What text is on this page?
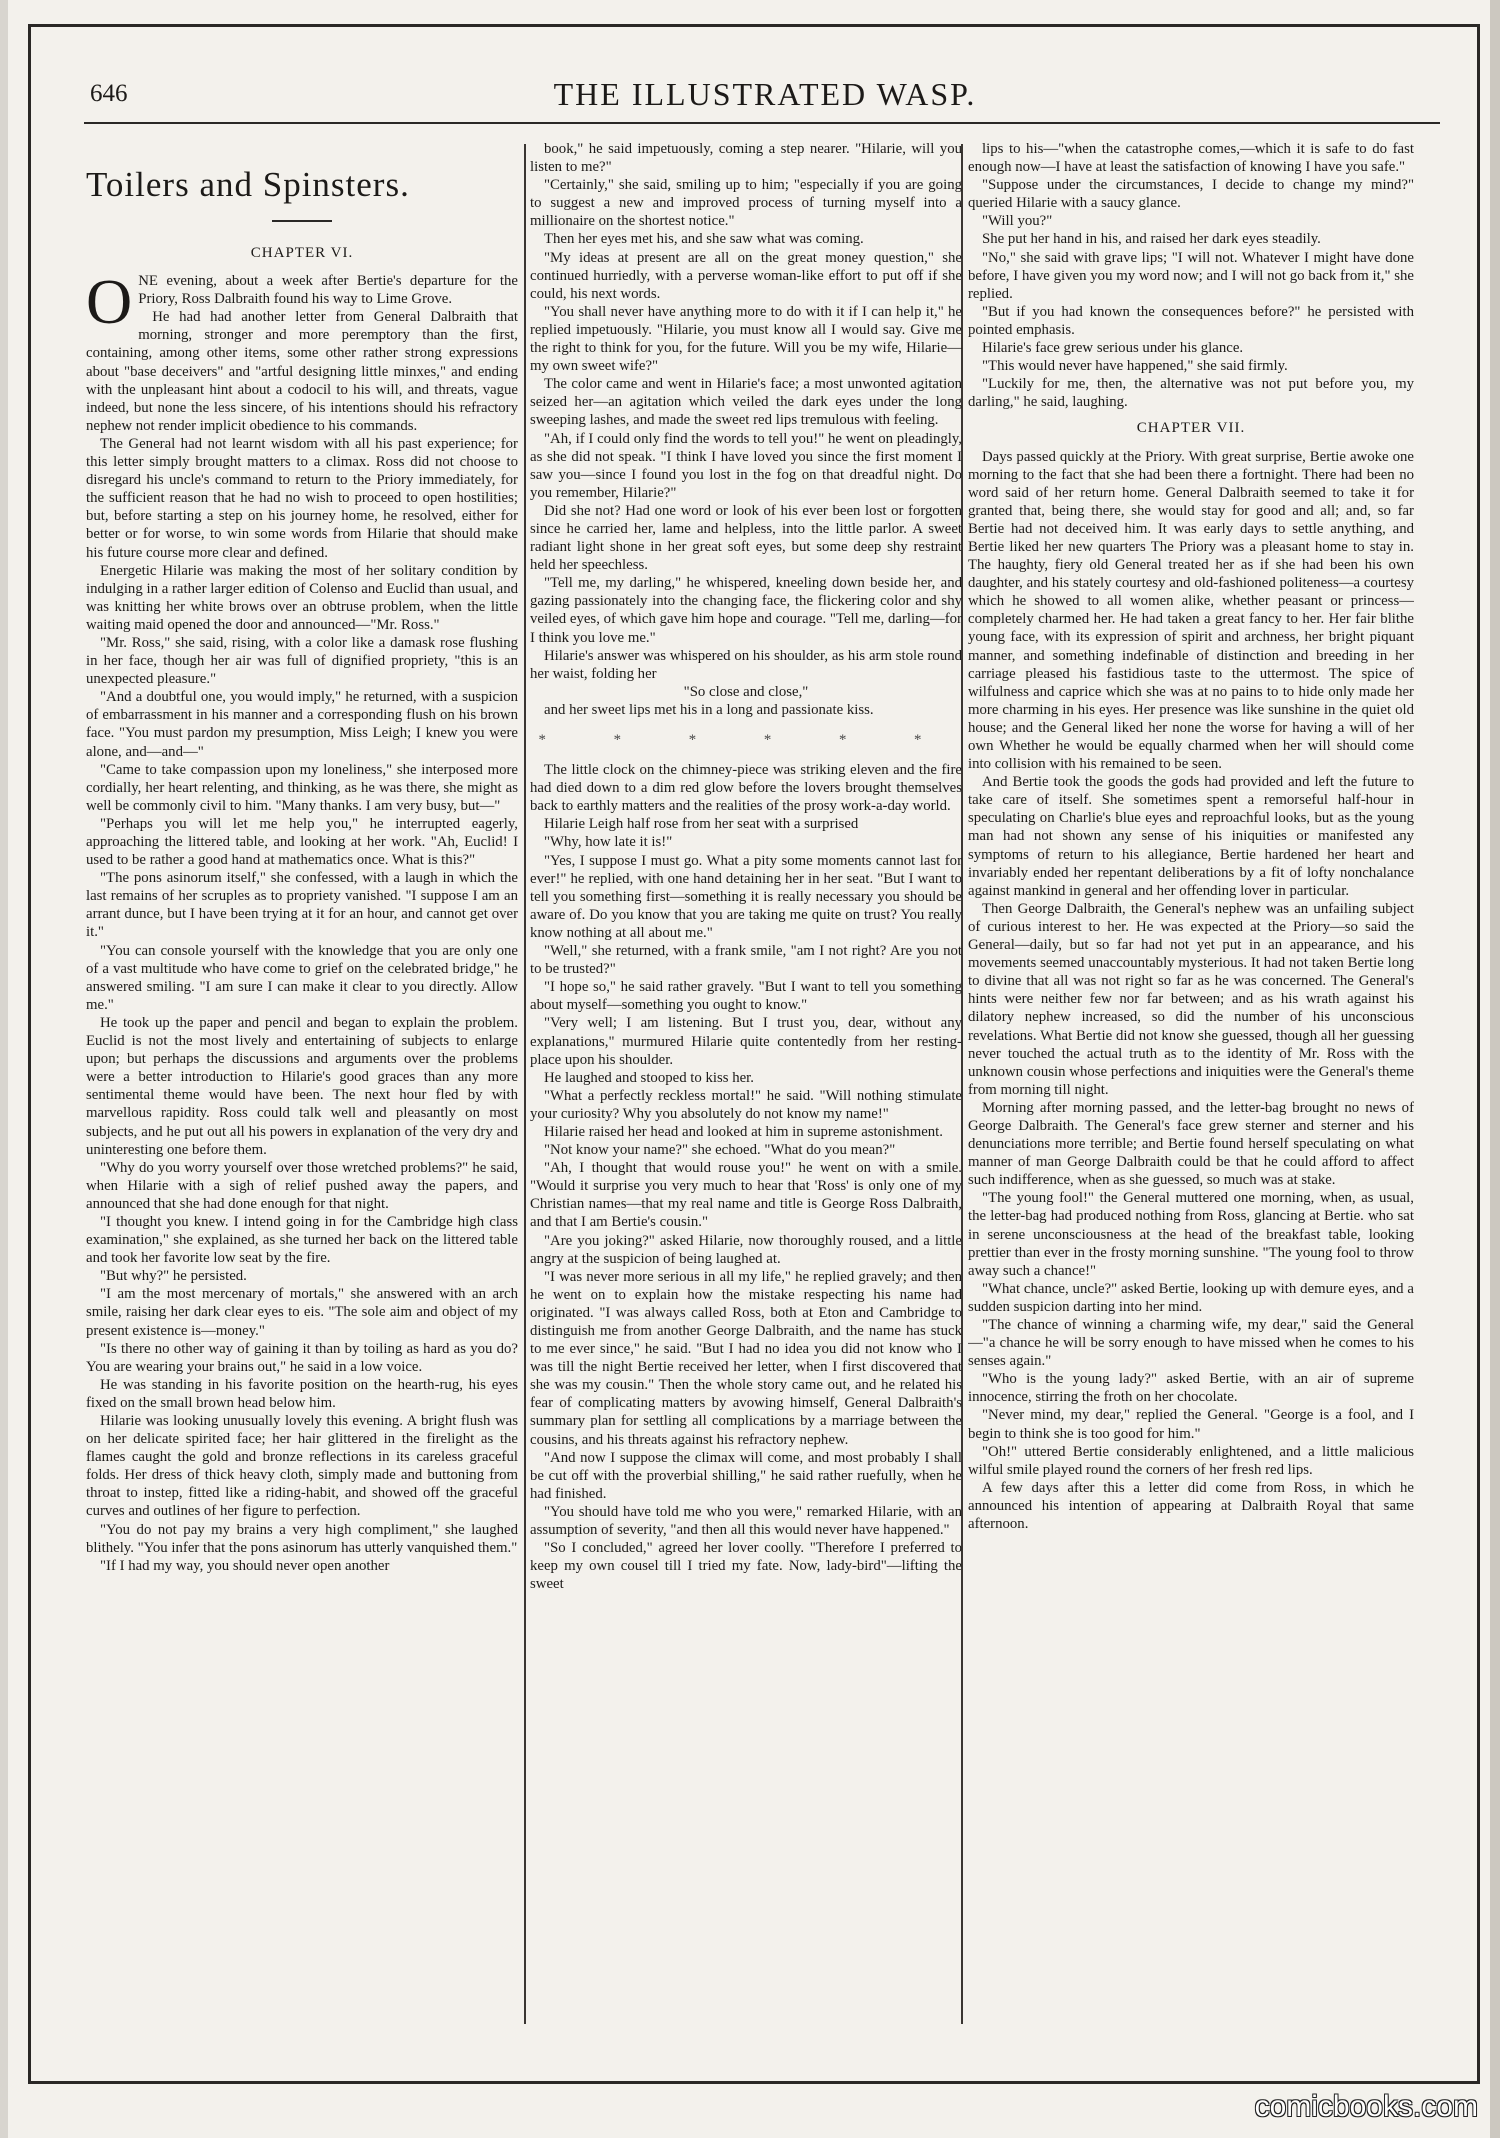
646	THE ILLUSTRATED WASP.
Toilers and Spinsters.
CHAPTER VI.

ONE evening, about a week after Bertie's departure for the Priory, Ross Dalbraith found his way to Lime Grove.

He had had another letter from General Dalbraith that morning, stronger and more peremptory than the first, containing, among other items, some other rather strong expressions about "base deceivers" and "artful designing little minxes," and ending with the unpleasant hint about a codocil to his will, and threats, vague indeed, but none the less sincere, of his intentions should his refractory nephew not render implicit obedience to his commands.

The General had not learnt wisdom with all his past experience; for this letter simply brought matters to a climax. Ross did not choose to disregard his uncle's command to return to the Priory immediately, for the sufficient reason that he had no wish to proceed to open hostilities; but, before starting a step on his journey home, he resolved, either for better or for worse, to win some words from Hilarie that should make his future course more clear and defined.

Energetic Hilarie was making the most of her solitary condition by indulging in a rather larger edition of Colenso and Euclid than usual, and was knitting her white brows over an obtruse problem, when the little waiting maid opened the door and announced—"Mr. Ross."

"Mr. Ross," she said, rising, with a color like a damask rose flushing in her face, though her air was full of dignified propriety, "this is an unexpected pleasure."

"And a doubtful one, you would imply," he returned, with a suspicion of embarrassment in his manner and a corresponding flush on his brown face. "You must pardon my presumption, Miss Leigh; I knew you were alone, and—and—"

"Came to take compassion upon my loneliness," she interposed more cordially, her heart relenting, and thinking, as he was there, she might as well be commonly civil to him. "Many thanks. I am very busy, but—"

"Perhaps you will let me help you," he interrupted eagerly, approaching the littered table, and looking at her work. "Ah, Euclid! I used to be rather a good hand at mathematics once. What is this?"

"The pons asinorum itself," she confessed, with a laugh in which the last remains of her scruples as to propriety vanished. "I suppose I am an arrant dunce, but I have been trying at it for an hour, and cannot get over it."

"You can console yourself with the knowledge that you are only one of a vast multitude who have come to grief on the celebrated bridge," he answered smiling. "I am sure I can make it clear to you directly. Allow me."

He took up the paper and pencil and began to explain the problem. Euclid is not the most lively and entertaining of subjects to enlarge upon; but perhaps the discussions and arguments over the problems were a better introduction to Hilarie's good graces than any more sentimental theme would have been. The next hour fled by with marvellous rapidity. Ross could talk well and pleasantly on most subjects, and he put out all his powers in explanation of the very dry and uninteresting one before them.

"Why do you worry yourself over those wretched problems?" he said, when Hilarie with a sigh of relief pushed away the papers, and announced that she had done enough for that night.

"I thought you knew. I intend going in for the Cambridge high class examination," she explained, as she turned her back on the littered table and took her favorite low seat by the fire.

"But why?" he persisted.

"I am the most mercenary of mortals," she answered with an arch smile, raising her dark clear eyes to eis. "The sole aim and object of my present existence is—money."

"Is there no other way of gaining it than by toiling as hard as you do? You are wearing your brains out," he said in a low voice.

He was standing in his favorite position on the hearth-rug, his eyes fixed on the small brown head below him.

Hilarie was looking unusually lovely this evening. A bright flush was on her delicate spirited face; her hair glittered in the firelight as the flames caught the gold and bronze reflections in its careless graceful folds. Her dress of thick heavy cloth, simply made and buttoning from throat to instep, fitted like a riding-habit, and showed off the graceful curves and outlines of her figure to perfection.

"You do not pay my brains a very high compliment," she laughed blithely. "You infer that the pons asinorum has utterly vanquished them."

"If I had my way, you should never open another

book," he said impetuously, coming a step nearer. "Hilarie, will you listen to me?"

"Certainly," she said, smiling up to him; "especially if you are going to suggest a new and improved process of turning myself into a millionaire on the shortest notice."

Then her eyes met his, and she saw what was coming.

"My ideas at present are all on the great money question," she continued hurriedly, with a perverse woman-like effort to put off if she could, his next words.

"You shall never have anything more to do with it if I can help it," he replied impetuously. "Hilarie, you must know all I would say. Give me the right to think for you, for the future. Will you be my wife, Hilarie—my own sweet wife?"

The color came and went in Hilarie's face; a most unwonted agitation seized her—an agitation which veiled the dark eyes under the long sweeping lashes, and made the sweet red lips tremulous with feeling.

"Ah, if I could only find the words to tell you!" he went on pleadingly, as she did not speak. "I think I have loved you since the first moment I saw you—since I found you lost in the fog on that dreadful night. Do you remember, Hilarie?"

Did she not? Had one word or look of his ever been lost or forgotten since he carried her, lame and helpless, into the little parlor. A sweet radiant light shone in her great soft eyes, but some deep shy restraint held her speechless.

"Tell me, my darling," he whispered, kneeling down beside her, and gazing passionately into the changing face, the flickering color and shy veiled eyes, of which gave him hope and courage. "Tell me, darling—for I think you love me."

Hilarie's answer was whispered on his shoulder, as his arm stole round her waist, folding her

"So close and close,"

and her sweet lips met his in a long and passionate kiss.

* * * * * *

The little clock on the chimney-piece was striking eleven and the fire had died down to a dim red glow before the lovers brought themselves back to earthly matters and the realities of the prosy work-a-day world.

Hilarie Leigh half rose from her seat with a surprised

"Why, how late it is!"

"Yes, I suppose I must go. What a pity some moments cannot last for ever!" he replied, with one hand detaining her in her seat. "But I want to tell you something first—something it is really necessary you should be aware of. Do you know that you are taking me quite on trust? You really know nothing at all about me."

"Well," she returned, with a frank smile, "am I not right? Are you not to be trusted?"

"I hope so," he said rather gravely. "But I want to tell you something about myself—something you ought to know."

"Very well; I am listening. But I trust you, dear, without any explanations," murmured Hilarie quite contentedly from her resting-place upon his shoulder.

He laughed and stooped to kiss her.

"What a perfectly reckless mortal!" he said. "Will nothing stimulate your curiosity? Why you absolutely do not know my name!"

Hilarie raised her head and looked at him in supreme astonishment.

"Not know your name?" she echoed. "What do you mean?"

"Ah, I thought that would rouse you!" he went on with a smile. "Would it surprise you very much to hear that 'Ross' is only one of my Christian names—that my real name and title is George Ross Dalbraith, and that I am Bertie's cousin."

"Are you joking?" asked Hilarie, now thoroughly roused, and a little angry at the suspicion of being laughed at.

"I was never more serious in all my life," he replied gravely; and then he went on to explain how the mistake respecting his name had originated. "I was always called Ross, both at Eton and Cambridge to distinguish me from another George Dalbraith, and the name has stuck to me ever since," he said. "But I had no idea you did not know who I was till the night Bertie received her letter, when I first discovered that she was my cousin." Then the whole story came out, and he related his fear of complicating matters by avowing himself, General Dalbraith's summary plan for settling all complications by a marriage between the cousins, and his threats against his refractory nephew.

"And now I suppose the climax will come, and most probably I shall be cut off with the proverbial shilling," he said rather ruefully, when he had finished.

"You should have told me who you were," remarked Hilarie, with an assumption of severity, "and then all this would never have happened."

"So I concluded," agreed her lover coolly. "Therefore I preferred to keep my own cousel till I tried my fate. Now, lady-bird"—lifting the sweet

lips to his—"when the catastrophe comes,—which it is safe to do fast enough now—I have at least the satisfaction of knowing I have you safe."

"Suppose under the circumstances, I decide to change my mind?" queried Hilarie with a saucy glance.

"Will you?"

She put her hand in his, and raised her dark eyes steadily.

"No," she said with grave lips; "I will not. Whatever I might have done before, I have given you my word now; and I will not go back from it," she replied.

"But if you had known the consequences before?" he persisted with pointed emphasis.

Hilarie's face grew serious under his glance.

"This would never have happened," she said firmly.

"Luckily for me, then, the alternative was not put before you, my darling," he said, laughing.

CHAPTER VII.

Days passed quickly at the Priory. With great surprise, Bertie awoke one morning to the fact that she had been there a fortnight. There had been no word said of her return home. General Dalbraith seemed to take it for granted that, being there, she would stay for good and all; and, so far Bertie had not deceived him. It was early days to settle anything, and Bertie liked her new quarters The Priory was a pleasant home to stay in. The haughty, fiery old General treated her as if she had been his own daughter, and his stately courtesy and old-fashioned politeness—a courtesy which he showed to all women alike, whether peasant or princess—completely charmed her. He had taken a great fancy to her. Her fair blithe young face, with its expression of spirit and archness, her bright piquant manner, and something indefinable of distinction and breeding in her carriage pleased his fastidious taste to the uttermost. The spice of wilfulness and caprice which she was at no pains to to hide only made her more charming in his eyes. Her presence was like sunshine in the quiet old house; and the General liked her none the worse for having a will of her own Whether he would be equally charmed when her will should come into collision with his remained to be seen.

And Bertie took the goods the gods had provided and left the future to take care of itself. She sometimes spent a remorseful half-hour in speculating on Charlie's blue eyes and reproachful looks, but as the young man had not shown any sense of his iniquities or manifested any symptoms of return to his allegiance, Bertie hardened her heart and invariably ended her repentant deliberations by a fit of lofty nonchalance against mankind in general and her offending lover in particular.

Then George Dalbraith, the General's nephew was an unfailing subject of curious interest to her. He was expected at the Priory—so said the General—daily, but so far had not yet put in an appearance, and his movements seemed unaccountably mysterious. It had not taken Bertie long to divine that all was not right so far as he was concerned. The General's hints were neither few nor far between; and as his wrath against his dilatory nephew increased, so did the number of his unconscious revelations. What Bertie did not know she guessed, though all her guessing never touched the actual truth as to the identity of Mr. Ross with the unknown cousin whose perfections and iniquities were the General's theme from morning till night.

Morning after morning passed, and the letter-bag brought no news of George Dalbraith. The General's face grew sterner and sterner and his denunciations more terrible; and Bertie found herself speculating on what manner of man George Dalbraith could be that he could afford to affect such indifference, when as she guessed, so much was at stake.

"The young fool!" the General muttered one morning, when, as usual, the letter-bag had produced nothing from Ross, glancing at Bertie. who sat in serene unconsciousness at the head of the breakfast table, looking prettier than ever in the frosty morning sunshine. "The young fool to throw away such a chance!"

"What chance, uncle?" asked Bertie, looking up with demure eyes, and a sudden suspicion darting into her mind.

"The chance of winning a charming wife, my dear," said the General—"a chance he will be sorry enough to have missed when he comes to his senses again."

"Who is the young lady?" asked Bertie, with an air of supreme innocence, stirring the froth on her chocolate.

"Never mind, my dear," replied the General. "George is a fool, and I begin to think she is too good for him."

"Oh!" uttered Bertie considerably enlightened, and a little malicious wilful smile played round the corners of her fresh red lips.

A few days after this a letter did come from Ross, in which he announced his intention of appearing at Dalbraith Royal that same afternoon.

comicbooks.com
